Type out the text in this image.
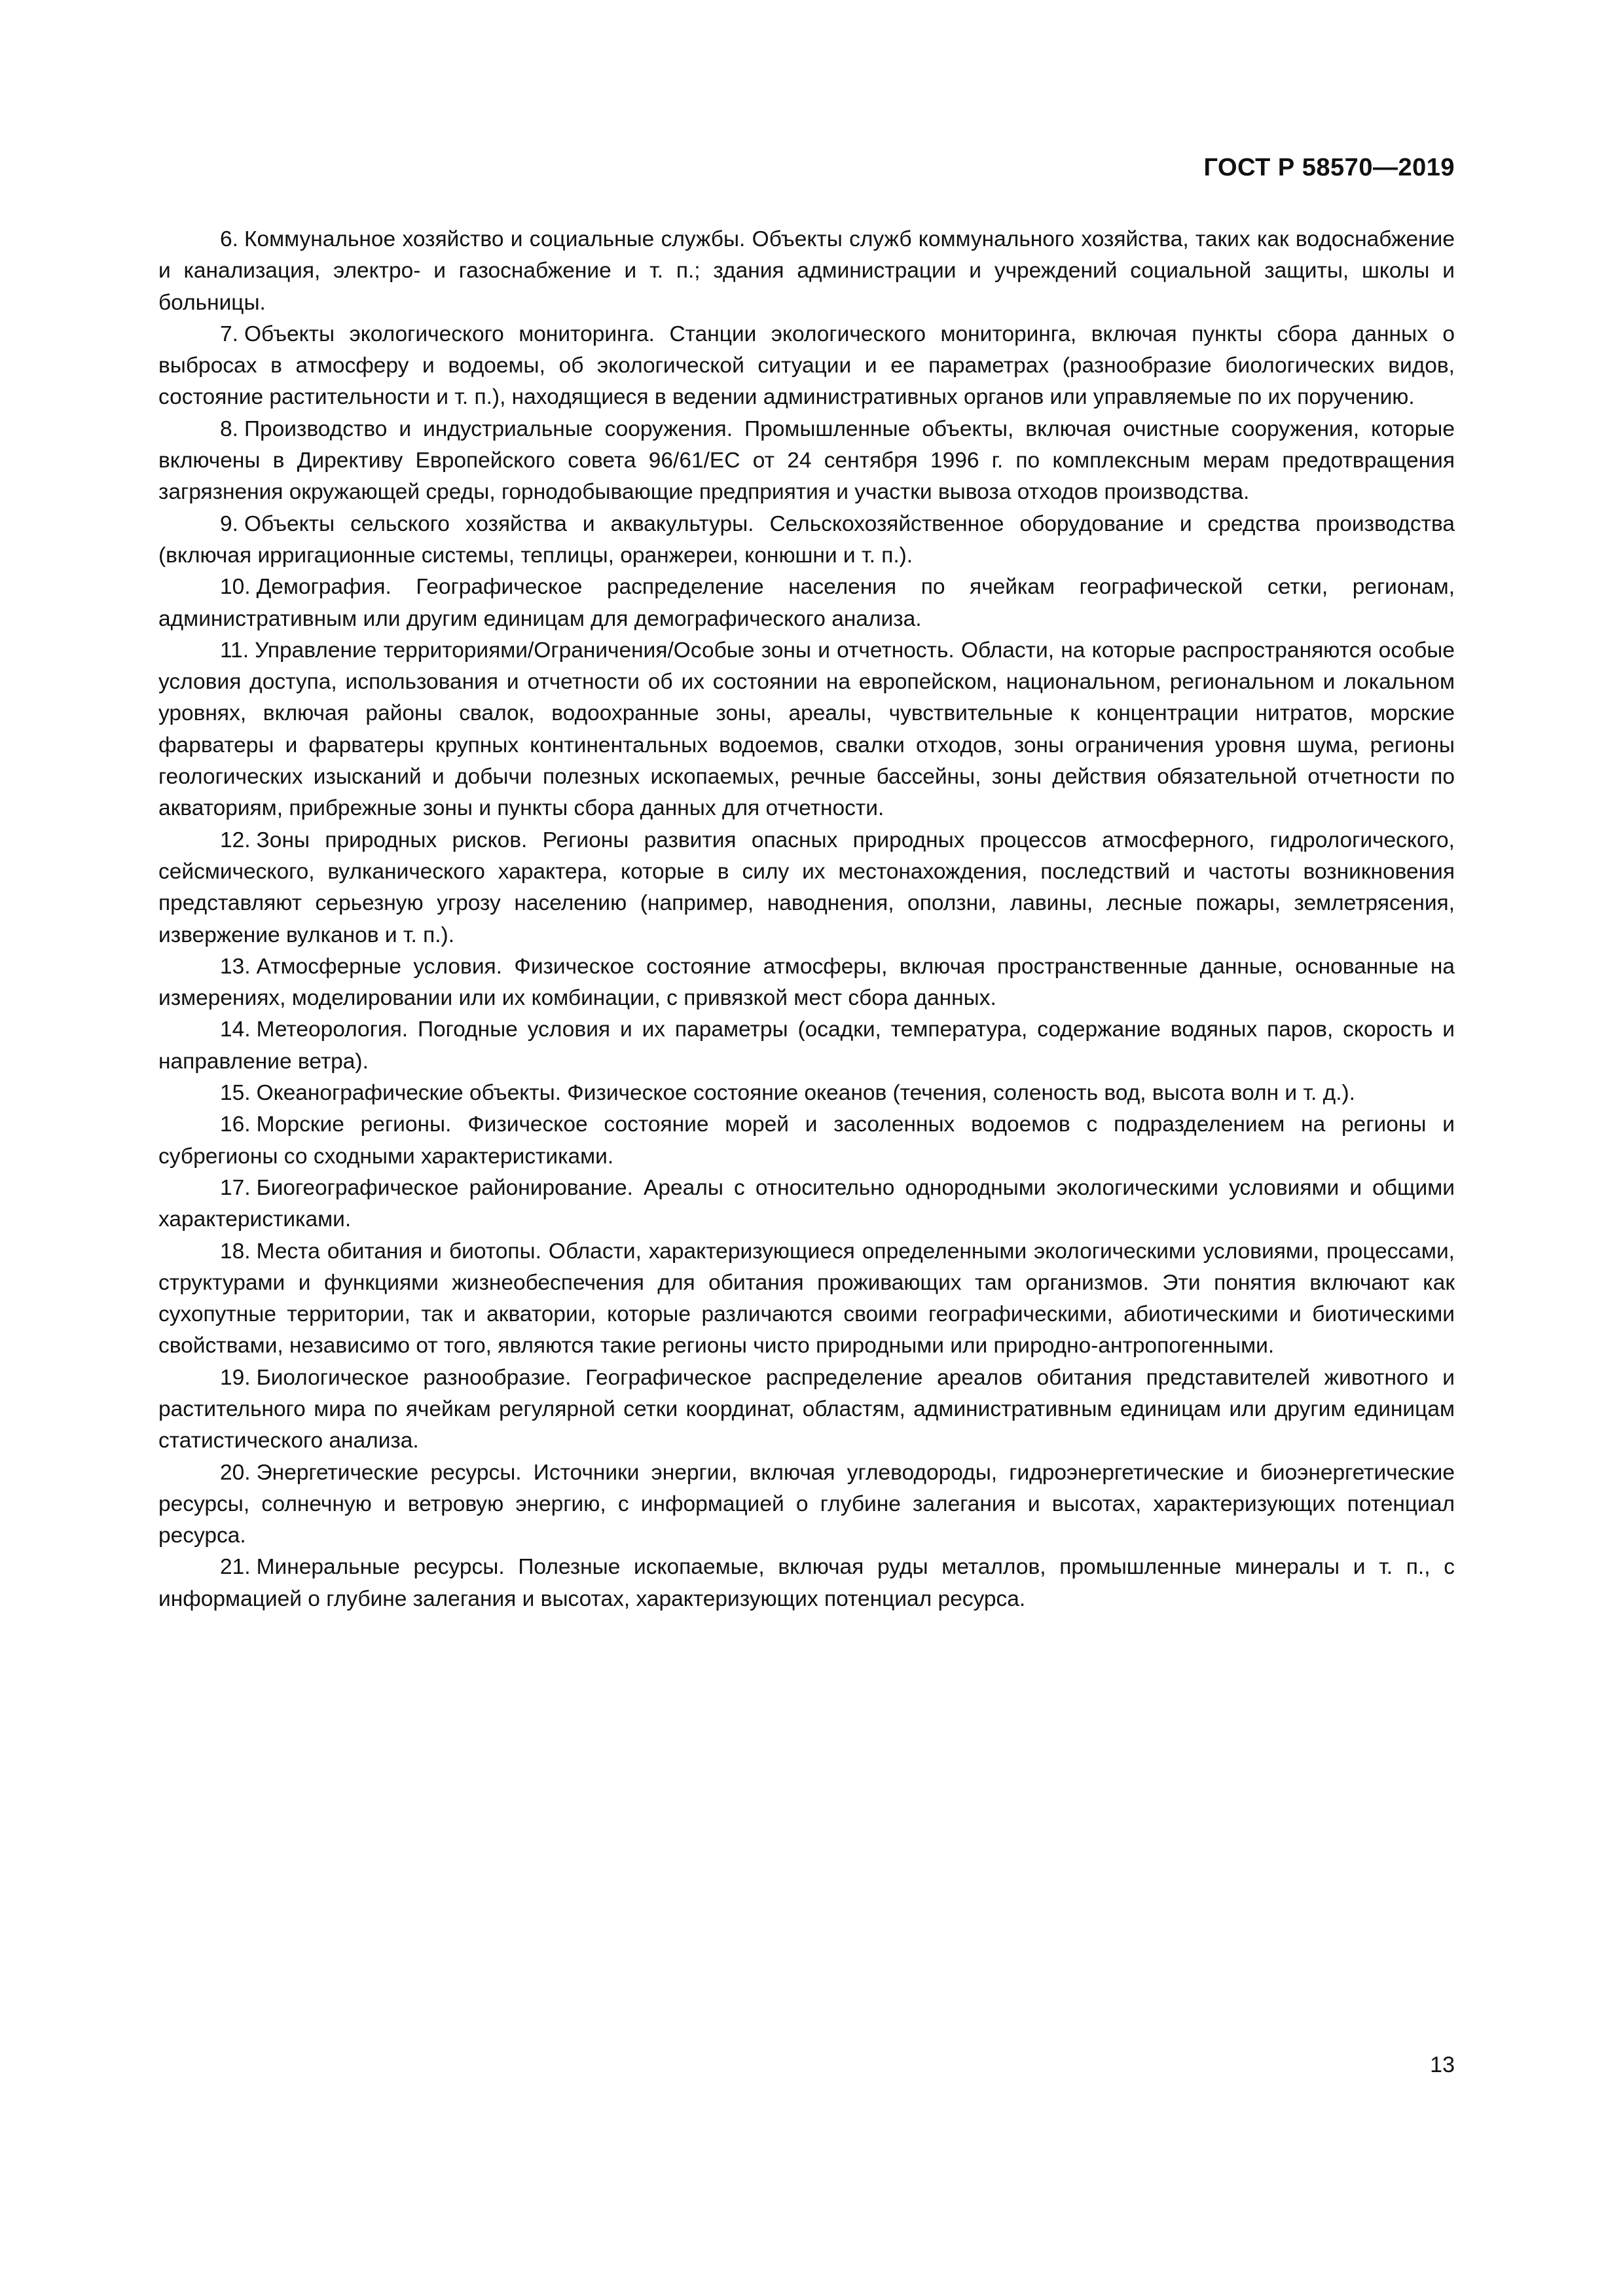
ГОСТ Р 58570—2019

6. Коммунальное хозяйство и социальные службы. Объекты служб коммунального хозяйства, таких как водоснабжение и канализация, электро- и газоснабжение и т. п.; здания администрации и учреждений социальной защиты, школы и больницы.

7. Объекты экологического мониторинга. Станции экологического мониторинга, включая пункты сбора данных о выбросах в атмосферу и водоемы, об экологической ситуации и ее параметрах (разнообразие биологических видов, состояние растительности и т. п.), находящиеся в ведении административных органов или управляемые по их поручению.

8. Производство и индустриальные сооружения. Промышленные объекты, включая очистные сооружения, которые включены в Директиву Европейского совета 96/61/ЕС от 24 сентября 1996 г. по комплексным мерам предотвращения загрязнения окружающей среды, горнодобывающие предприятия и участки вывоза отходов производства.

9. Объекты сельского хозяйства и аквакультуры. Сельскохозяйственное оборудование и средства производства (включая ирригационные системы, теплицы, оранжереи, конюшни и т. п.).

10. Демография. Географическое распределение населения по ячейкам географической сетки, регионам, административным или другим единицам для демографического анализа.

11. Управление территориями/Ограничения/Особые зоны и отчетность. Области, на которые распространяются особые условия доступа, использования и отчетности об их состоянии на европейском, национальном, региональном и локальном уровнях, включая районы свалок, водоохранные зоны, ареалы, чувствительные к концентрации нитратов, морские фарватеры и фарватеры крупных континентальных водоемов, свалки отходов, зоны ограничения уровня шума, регионы геологических изысканий и добычи полезных ископаемых, речные бассейны, зоны действия обязательной отчетности по акваториям, прибрежные зоны и пункты сбора данных для отчетности.

12. Зоны природных рисков. Регионы развития опасных природных процессов атмосферного, гидрологического, сейсмического, вулканического характера, которые в силу их местонахождения, последствий и частоты возникновения представляют серьезную угрозу населению (например, наводнения, оползни, лавины, лесные пожары, землетрясения, извержение вулканов и т. п.).

13. Атмосферные условия. Физическое состояние атмосферы, включая пространственные данные, основанные на измерениях, моделировании или их комбинации, с привязкой мест сбора данных.

14. Метеорология. Погодные условия и их параметры (осадки, температура, содержание водяных паров, скорость и направление ветра).

15. Океанографические объекты. Физическое состояние океанов (течения, соленость вод, высота волн и т. д.).

16. Морские регионы. Физическое состояние морей и засоленных водоемов с подразделением на регионы и субрегионы со сходными характеристиками.

17. Биогеографическое районирование. Ареалы с относительно однородными экологическими условиями и общими характеристиками.

18. Места обитания и биотопы. Области, характеризующиеся определенными экологическими условиями, процессами, структурами и функциями жизнеобеспечения для обитания проживающих там организмов. Эти понятия включают как сухопутные территории, так и акватории, которые различаются своими географическими, абиотическими и биотическими свойствами, независимо от того, являются такие регионы чисто природными или природно-антропогенными.

19. Биологическое разнообразие. Географическое распределение ареалов обитания представителей животного и растительного мира по ячейкам регулярной сетки координат, областям, административным единицам или другим единицам статистического анализа.

20. Энергетические ресурсы. Источники энергии, включая углеводороды, гидроэнергетические и биоэнергетические ресурсы, солнечную и ветровую энергию, с информацией о глубине залегания и высотах, характеризующих потенциал ресурса.

21. Минеральные ресурсы. Полезные ископаемые, включая руды металлов, промышленные минералы и т. п., с информацией о глубине залегания и высотах, характеризующих потенциал ресурса.

13
